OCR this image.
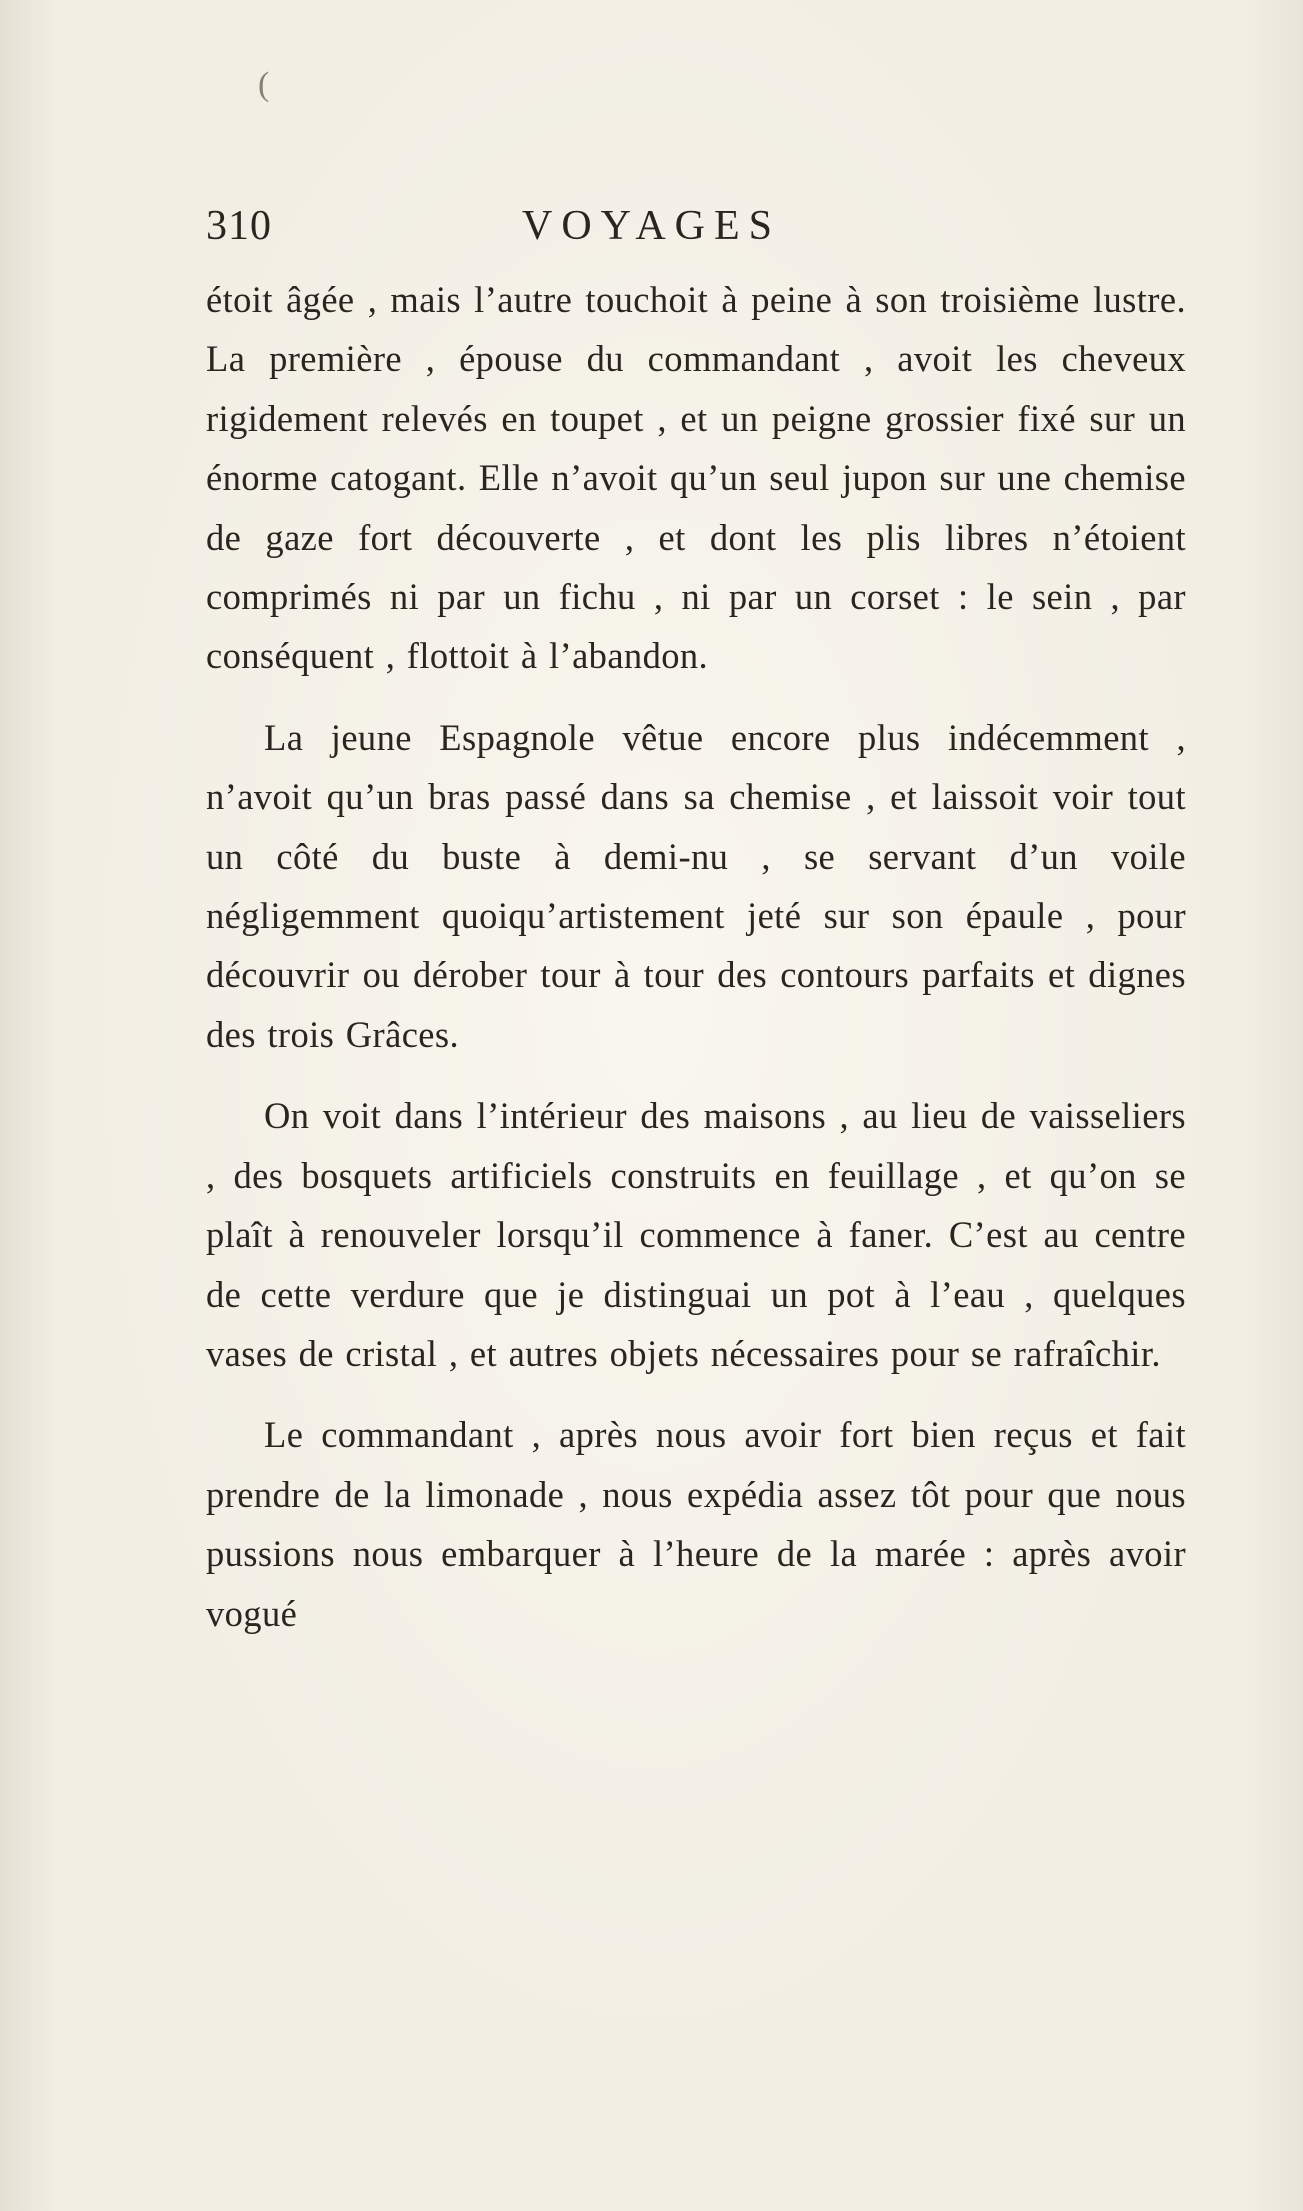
(
310	VOYAGES

étoit âgée , mais l’autre touchoit à peine à son troisième lustre. La première , épouse du commandant , avoit les cheveux rigidement relevés en toupet , et un peigne grossier fixé sur un énorme catogant. Elle n’avoit qu’un seul jupon sur une chemise de gaze fort découverte , et dont les plis libres n’étoient comprimés ni par un fichu , ni par un corset : le sein , par conséquent , flottoit à l’abandon.

La jeune Espagnole vêtue encore plus indécemment , n’avoit qu’un bras passé dans sa chemise , et laissoit voir tout un côté du buste à demi-nu , se servant d’un voile négligemment quoiqu’artistement jeté sur son épaule , pour découvrir ou dérober tour à tour des contours parfaits et dignes des trois Grâces.

On voit dans l’intérieur des maisons , au lieu de vaisseliers , des bosquets artificiels construits en feuillage , et qu’on se plaît à renouveler lorsqu’il commence à faner. C’est au centre de cette verdure que je distinguai un pot à l’eau , quelques vases de cristal , et autres objets nécessaires pour se rafraîchir.

Le commandant , après nous avoir fort bien reçus et fait prendre de la limonade , nous expédia assez tôt pour que nous pussions nous embarquer à l’heure de la marée : après avoir vogué
